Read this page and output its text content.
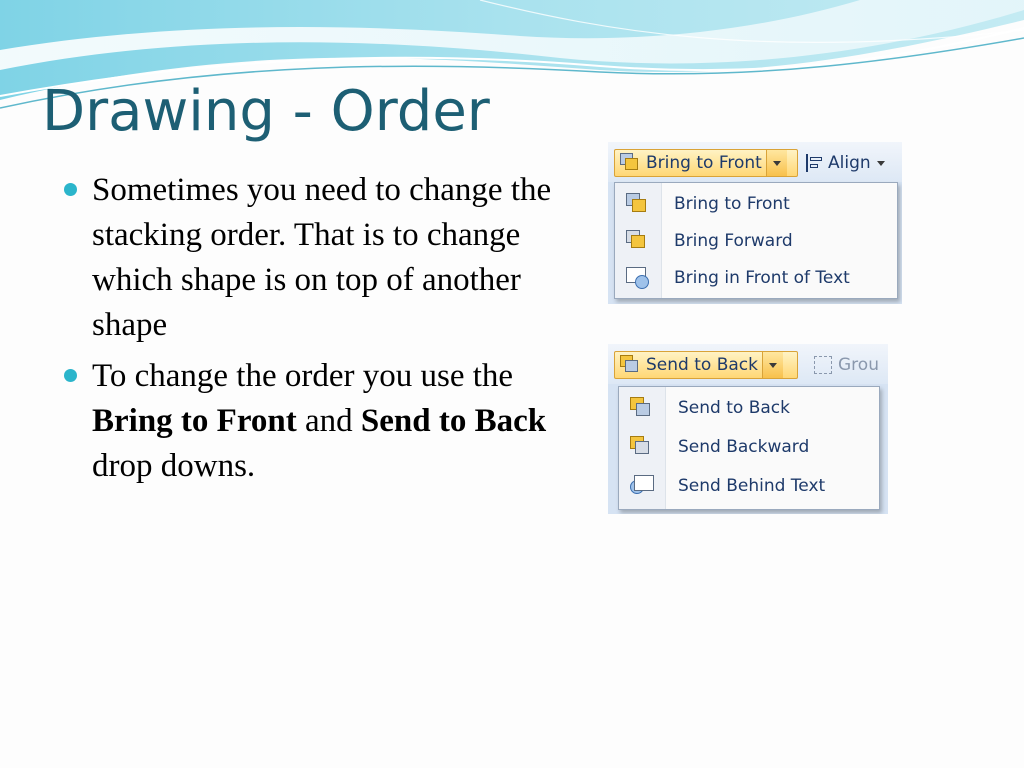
Drawing - Order
Sometimes you need to change the stacking order. That is to change which shape is on top of another shape
To change the order you use the Bring to Front and Send to Back drop downs.
Bring to Front	Align
Bring to Front
Bring Forward
Bring in Front of Text
Send to Back	Grou
Send to Back
Send Backward
Send Behind Text
